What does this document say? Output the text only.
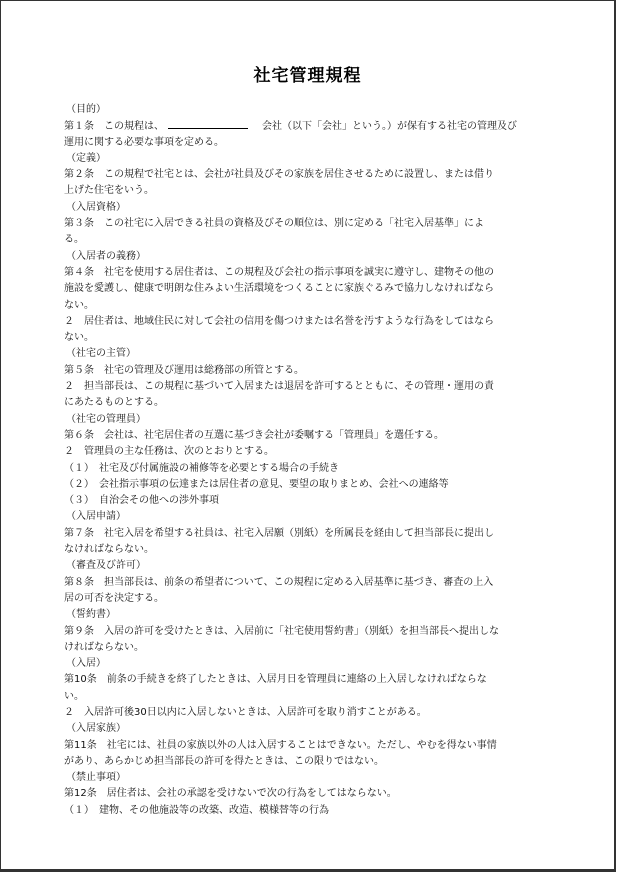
社宅管理規程
（目的）
第１条　この規程は、	　会社（以下「会社」という。）が保有する社宅の管理及び
運用に関する必要な事項を定める。
（定義）
第２条　この規程で社宅とは、会社が社員及びその家族を居住させるために設置し、または借り
上げた住宅をいう。
（入居資格）
第３条　この社宅に入居できる社員の資格及びその順位は、別に定める「社宅入居基準」によ
る。
（入居者の義務）
第４条　社宅を使用する居住者は、この規程及び会社の指示事項を誠実に遵守し、建物その他の
施設を愛護し、健康で明朗な住みよい生活環境をつくることに家族ぐるみで協力しなければなら
ない。
２　居住者は、地域住民に対して会社の信用を傷つけまたは名誉を汚すような行為をしてはなら
ない。
（社宅の主管）
第５条　社宅の管理及び運用は総務部の所管とする。
２　担当部長は、この規程に基づいて入居または退居を許可するとともに、その管理・運用の責
にあたるものとする。
（社宅の管理員）
第６条　会社は、社宅居住者の互選に基づき会社が委嘱する「管理員」を選任する。
２　管理員の主な任務は、次のとおりとする。
（１）　社宅及び付属施設の補修等を必要とする場合の手続き
（２）　会社指示事項の伝達または居住者の意見、要望の取りまとめ、会社への連絡等
（３）　自治会その他への渉外事項
（入居申請）
第７条　社宅入居を希望する社員は、社宅入居願（別紙）を所属長を経由して担当部長に提出し
なければならない。
（審査及び許可）
第８条　担当部長は、前条の希望者について、この規程に定める入居基準に基づき、審査の上入
居の可否を決定する。
（誓約書）
第９条　入居の許可を受けたときは、入居前に「社宅使用誓約書」（別紙）を担当部長へ提出しな
ければならない。
（入居）
第10条　前条の手続きを終了したときは、入居月日を管理員に連絡の上入居しなければならな
い。
２　入居許可後30日以内に入居しないときは、入居許可を取り消すことがある。
（入居家族）
第11条　社宅には、社員の家族以外の人は入居することはできない。ただし、やむを得ない事情
があり、あらかじめ担当部長の許可を得たときは、この限りではない。
（禁止事項）
第12条　居住者は、会社の承認を受けないで次の行為をしてはならない。
（１）　建物、その他施設等の改築、改造、模様替等の行為
